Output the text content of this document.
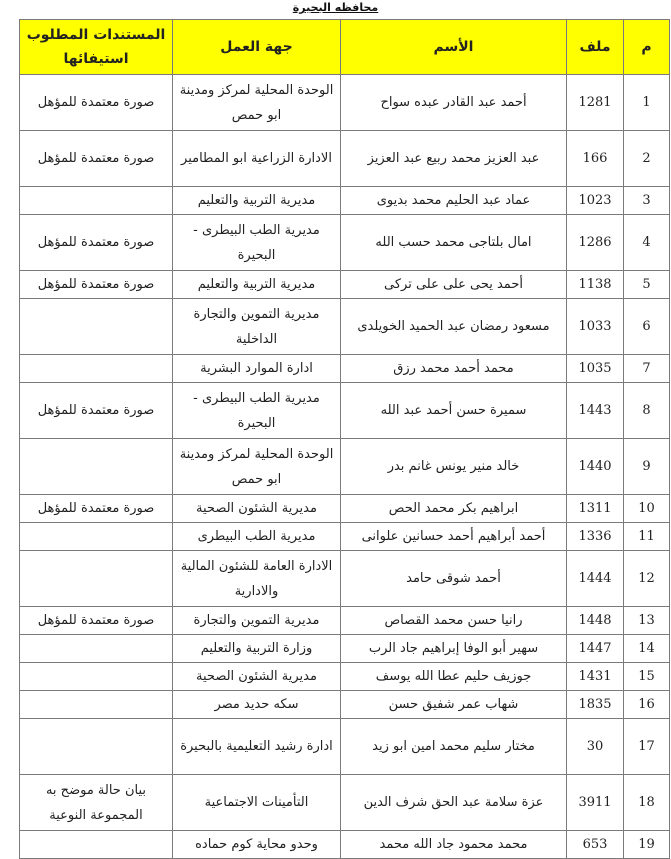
محافظه البحيرة
م	ملف	الأسم	جهة العمل	المستندات المطلوب استيفائها
1	1281	أحمد عبد القادر عبده سواح	الوحدة المحلية لمركز ومدينة ابو حمص	صورة معتمدة للمؤهل
2	166	عبد العزيز محمد ربيع عبد العزيز	الادارة الزراعية ابو المطامير	صورة معتمدة للمؤهل
3	1023	عماد عبد الحليم محمد بديوى	مديرية التربية والتعليم	
4	1286	امال بلتاجى محمد حسب الله	مديرية الطب البيطرى - البحيرة	صورة معتمدة للمؤهل
5	1138	أحمد يحى على على تركى	مديرية التربية والتعليم	صورة معتمدة للمؤهل
6	1033	مسعود رمضان عبد الحميد الخويلدى	مديرية التموين والتجارة الداخلية	
7	1035	محمد أحمد محمد رزق	ادارة الموارد البشرية	
8	1443	سميرة حسن أحمد عبد الله	مديرية الطب البيطرى - البحيرة	صورة معتمدة للمؤهل
9	1440	خالد منير يونس غانم بدر	الوحدة المحلية لمركز ومدينة ابو حمص	
10	1311	ابراهيم بكر محمد الحص	مديرية الشئون الصحية	صورة معتمدة للمؤهل
11	1336	أحمد أبراهيم أحمد حسانين علوانى	مديرية الطب البيطرى	
12	1444	أحمد شوقى حامد	الادارة العامة للشئون المالية والادارية	
13	1448	رانيا حسن محمد القصاص	مديرية التموين والتجارة	صورة معتمدة للمؤهل
14	1447	سهير أبو الوفا إبراهيم جاد الرب	وزارة التربية والتعليم	
15	1431	جوزيف حليم عطا الله يوسف	مديرية الشئون الصحية	
16	1835	شهاب عمر شفيق حسن	سكه حديد مصر	
17	30	مختار سليم محمد امين ابو زيد	ادارة رشيد التعليمية بالبحيرة	
18	3911	عزة سلامة عبد الحق شرف الدين	التأمينات الاجتماعية	بيان حالة موضح به المجموعة النوعية
19	653	محمد محمود جاد الله محمد	وحدو محاية كوم حماده	
